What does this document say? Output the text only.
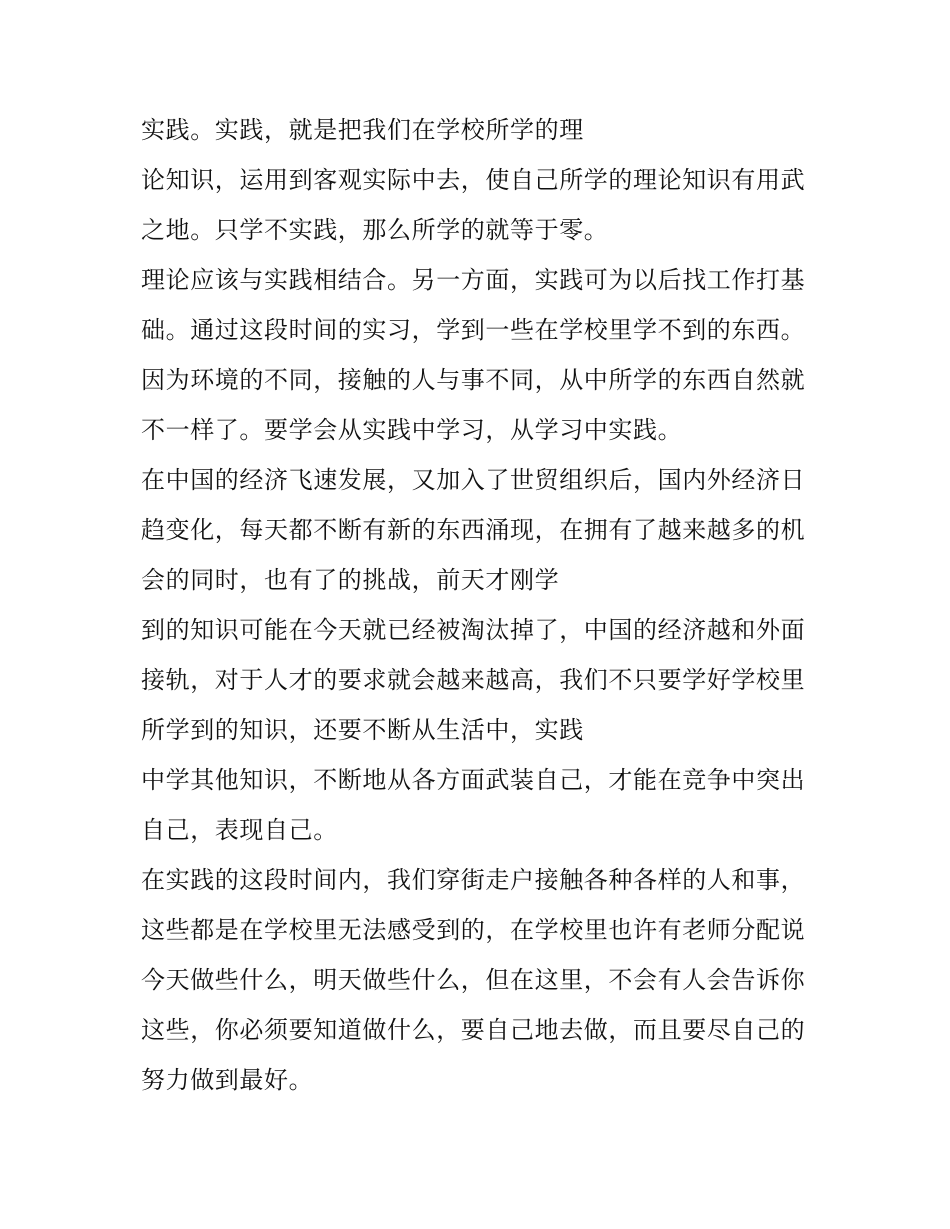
实践。实践，就是把我们在学校所学的理

论知识，运用到客观实际中去，使自己所学的理论知识有用武

之地。只学不实践，那么所学的就等于零。

理论应该与实践相结合。另一方面，实践可为以后找工作打基

础。通过这段时间的实习，学到一些在学校里学不到的东西。

因为环境的不同，接触的人与事不同，从中所学的东西自然就

不一样了。要学会从实践中学习，从学习中实践。

在中国的经济飞速发展，又加入了世贸组织后，国内外经济日

趋变化，每天都不断有新的东西涌现，在拥有了越来越多的机

会的同时，也有了的挑战，前天才刚学

到的知识可能在今天就已经被淘汰掉了，中国的经济越和外面

接轨，对于人才的要求就会越来越高，我们不只要学好学校里

所学到的知识，还要不断从生活中，实践

中学其他知识，不断地从各方面武装自己，才能在竞争中突出

自己，表现自己。

在实践的这段时间内，我们穿街走户接触各种各样的人和事，

这些都是在学校里无法感受到的，在学校里也许有老师分配说

今天做些什么，明天做些什么，但在这里，不会有人会告诉你

这些，你必须要知道做什么，要自己地去做，而且要尽自己的

努力做到最好。
